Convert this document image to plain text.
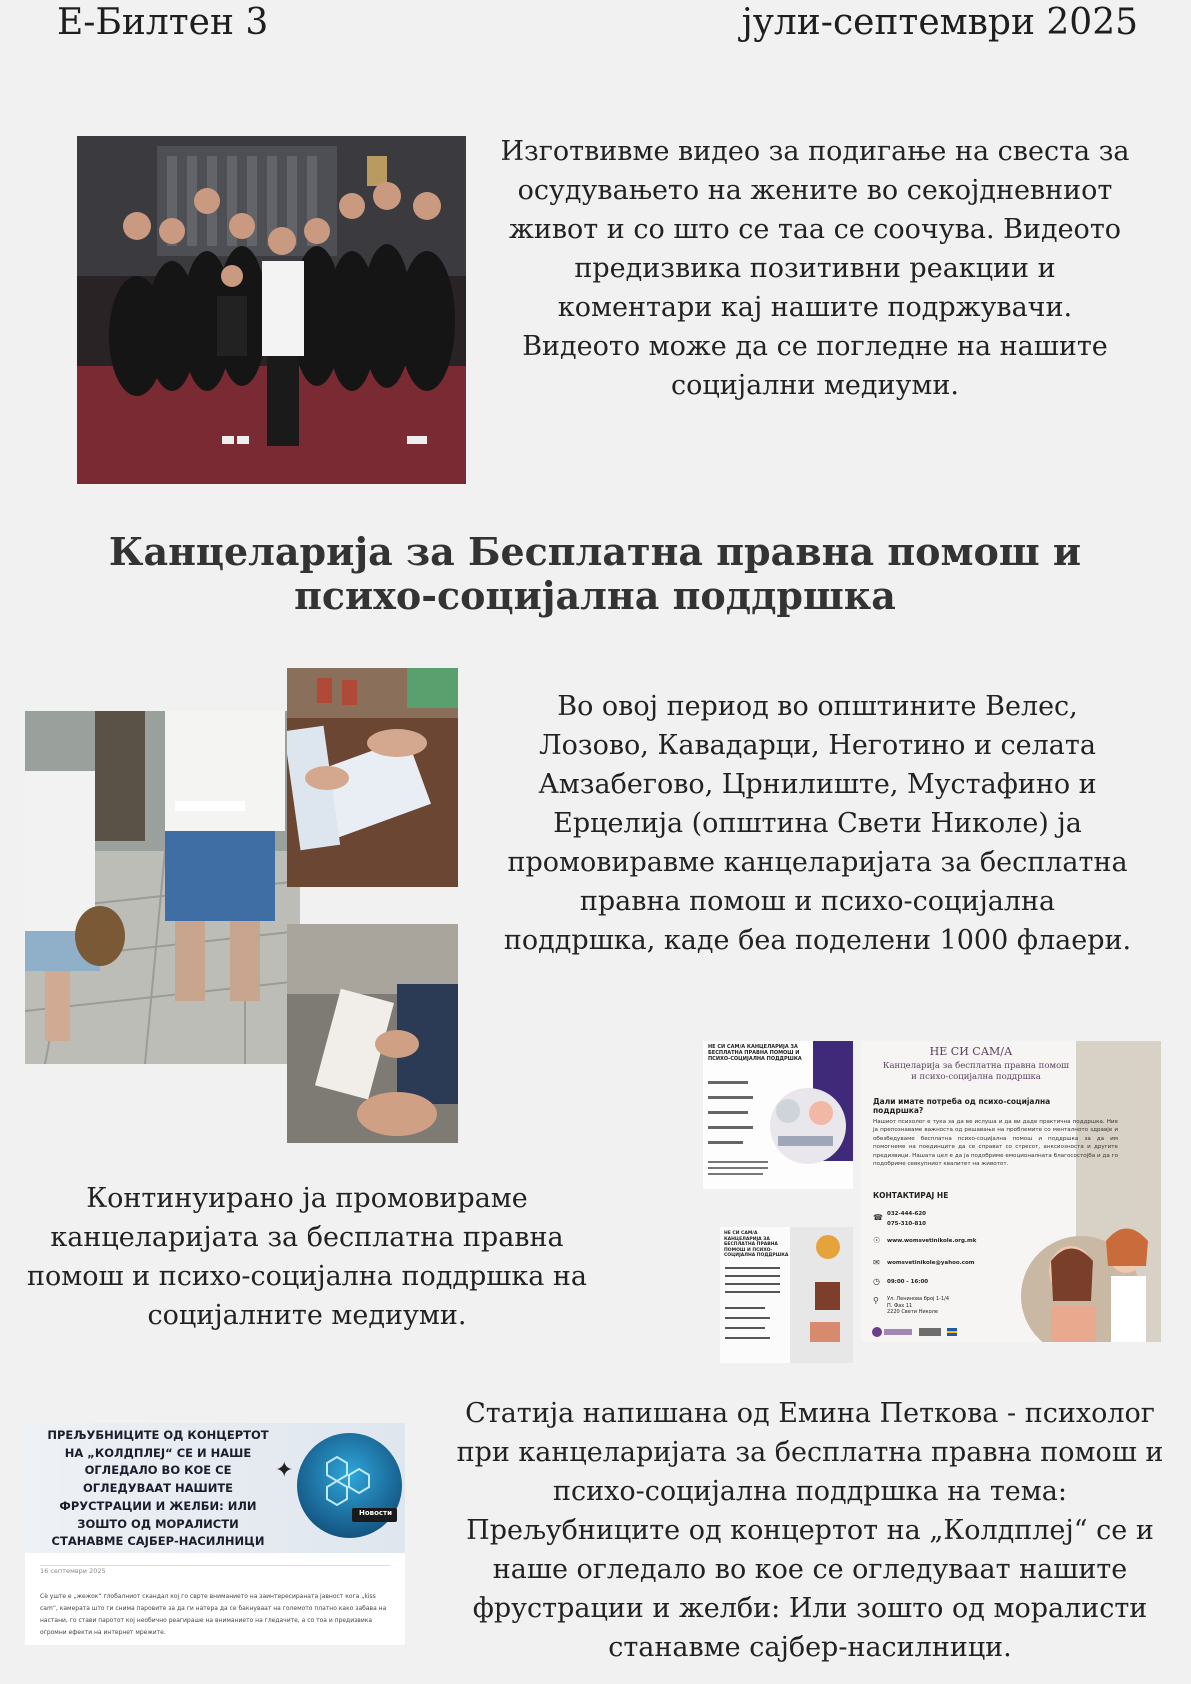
Е-Билтен 3	јули-септември 2025
Изготвивме видео за подигање на свеста за осудувањето на жените во секојдневниот живот и со што се таа се соочува. Видеото предизвика позитивни реакции и коментари кај нашите подржувачи. Видеото може да се погледне на нашите социјални медиуми.
Канцеларија за Бесплатна правна помош и психо-социјална поддршка
Во овој период во општините Велес, Лозово, Кавадарци, Неготино и селата Амзабегово, Црнилиште, Мустафино и Ерцелија (општина Свети Николе) ја промовиравме канцеларијата за бесплатна правна помош и психо-социјална поддршка, каде беа поделени 1000 флаери.
НЕ СИ САМ/А КАНЦЕЛАРИЈА ЗА БЕСПЛАТНА ПРАВНА ПОМОШ И ПСИХО-СОЦИЈАЛНА ПОДДРШКА
НЕ СИ САМ/А КАНЦЕЛАРИЈА ЗА БЕСПЛАТНА ПРАВНА ПОМОШ И ПСИХО-СОЦИЈАЛНА ПОДДРШКА
НЕ СИ САМ/А
Канцеларија за бесплатна правна помош и психо-социјална поддршка
Дали имате потреба од психо-социјална поддршка?
Нашиот психолог е тука за да ве ислуша и да ви даде практична поддршка. Ние ја препознаваме важноста од решавање на проблемите со менталното здравје и обезбедуваме бесплатна психо-социјална помош и поддршка за да им помогнеме на поединците да се справат со стресот, анксиозноста и другите предизвици. Нашата цел е да ја подобриме емоционалната благосостојба и да го подобриме севкупниот квалитет на животот.
КОНТАКТИРАЈ НЕ
☎ 032-444-620
075-310-810
☉ www.womsvetinikole.org.mk
✉ womsvetinikole@yahoo.com
◷ 09:00 - 16:00
⚲ Ул. Ленинова број 1-1/4
П. Фах 11
2220 Свети Николе
Континуирано ја промовираме канцеларијата за бесплатна правна помош и психо-социјална поддршка на социјалните медиуми.
ПРЕЉУБНИЦИТЕ ОД КОНЦЕРТОТ НА „КОЛДПЛЕЈ“ СЕ И НАШЕ ОГЛЕДАЛО ВО КОЕ СЕ ОГЛЕДУВААТ НАШИТЕ ФРУСТРАЦИИ И ЖЕЛБИ: ИЛИ ЗОШТО ОД МОРАЛИСТИ СТАНАВМЕ САЈБЕР-НАСИЛНИЦИ
Новости
✦
16 септември 2025
Сѐ уште е „жежок“ глобалниот скандал кој го сврте вниманието на заинтересираната јавност кога „kiss cam“, камерата што ги снима паровите за да ги натера да се бакнуваат на големото платно како забава на настани, го стави паротот кој необично реагираше на вниманието на гледачите, а со тоа и предизвика огромни ефекти на интернет мрежите.
Статија напишана од Емина Петкова - психолог при канцеларијата за бесплатна правна помош и психо-социјална поддршка на тема: Прељубниците од концертот на „Колдплеј“ се и наше огледало во кое се огледуваат нашите фрустрации и желби: Или зошто од моралисти станавме сајбер-насилници.
